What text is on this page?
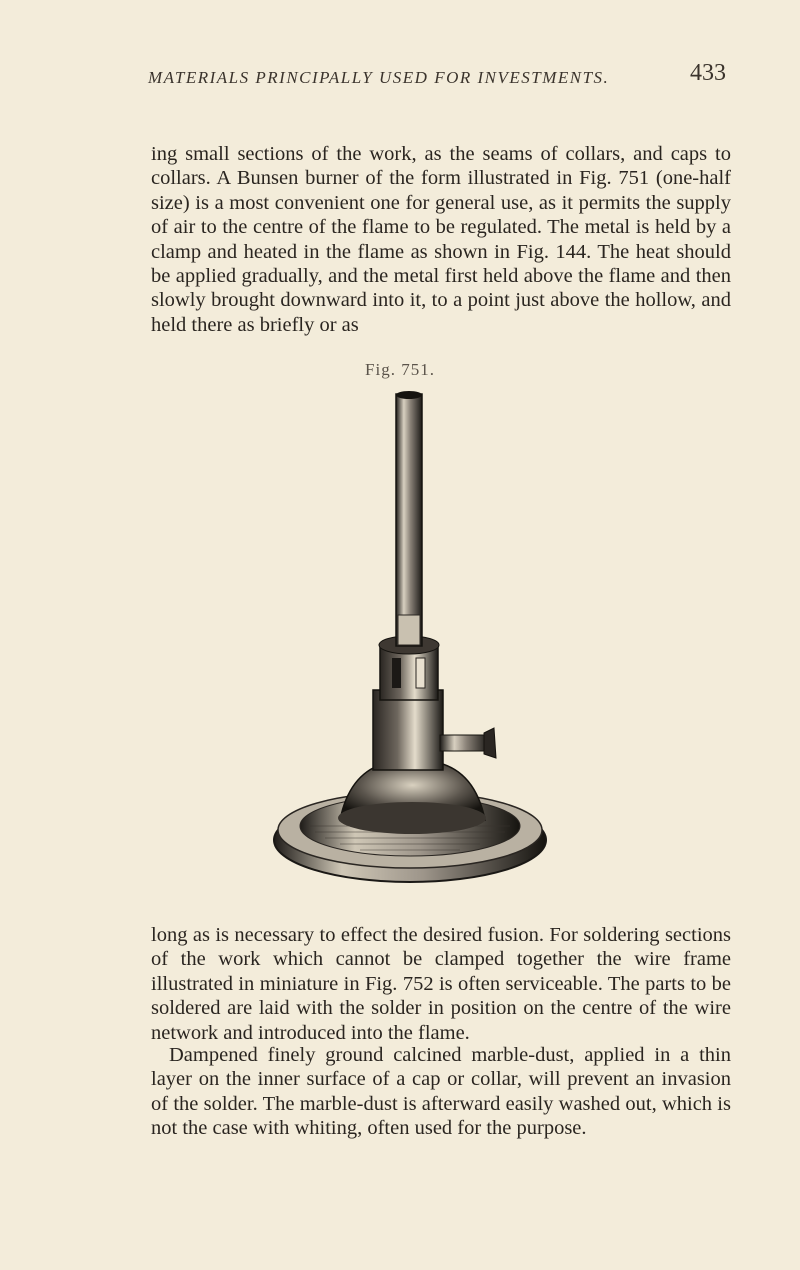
MATERIALS PRINCIPALLY USED FOR INVESTMENTS.	433

ing small sections of the work, as the seams of collars, and caps to collars. A Bunsen burner of the form illustrated in Fig. 751 (one-half size) is a most convenient one for general use, as it permits the supply of air to the centre of the flame to be regulated. The metal is held by a clamp and heated in the flame as shown in Fig. 144. The heat should be applied gradually, and the metal first held above the flame and then slowly brought downward into it, to a point just above the hollow, and held there as briefly or as

Fig. 751.

long as is necessary to effect the desired fusion. For soldering sections of the work which cannot be clamped together the wire frame illustrated in miniature in Fig. 752 is often serviceable. The parts to be soldered are laid with the solder in position on the centre of the wire network and introduced into the flame.

Dampened finely ground calcined marble-dust, applied in a thin layer on the inner surface of a cap or collar, will prevent an invasion of the solder. The marble-dust is afterward easily washed out, which is not the case with whiting, often used for the purpose.
